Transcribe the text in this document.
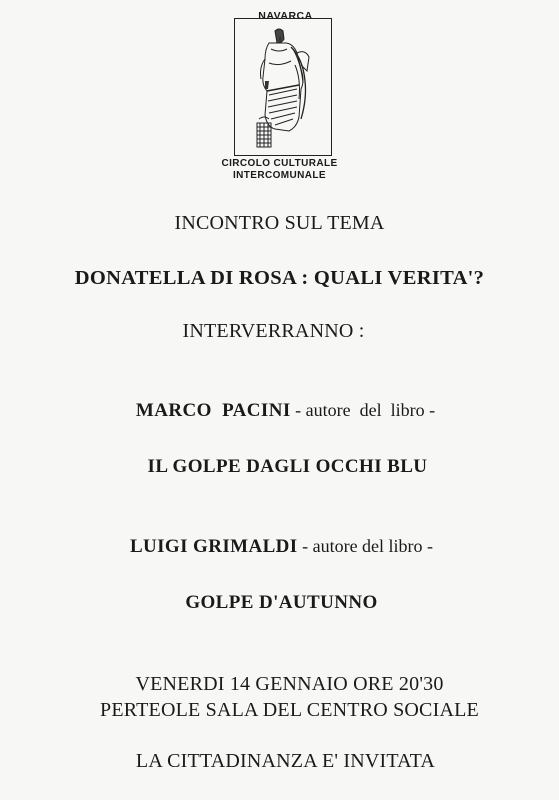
NAVARCA
CIRCOLO CULTURALE
INTERCOMUNALE
INCONTRO SUL TEMA
DONATELLA DI ROSA : QUALI VERITA'?
INTERVERRANNO :
MARCO  PACINI - autore  del  libro -
IL GOLPE DAGLI OCCHI BLU
LUIGI GRIMALDI - autore del libro -
GOLPE D'AUTUNNO
VENERDI 14 GENNAIO ORE 20'30
PERTEOLE SALA DEL CENTRO SOCIALE
LA CITTADINANZA E' INVITATA
